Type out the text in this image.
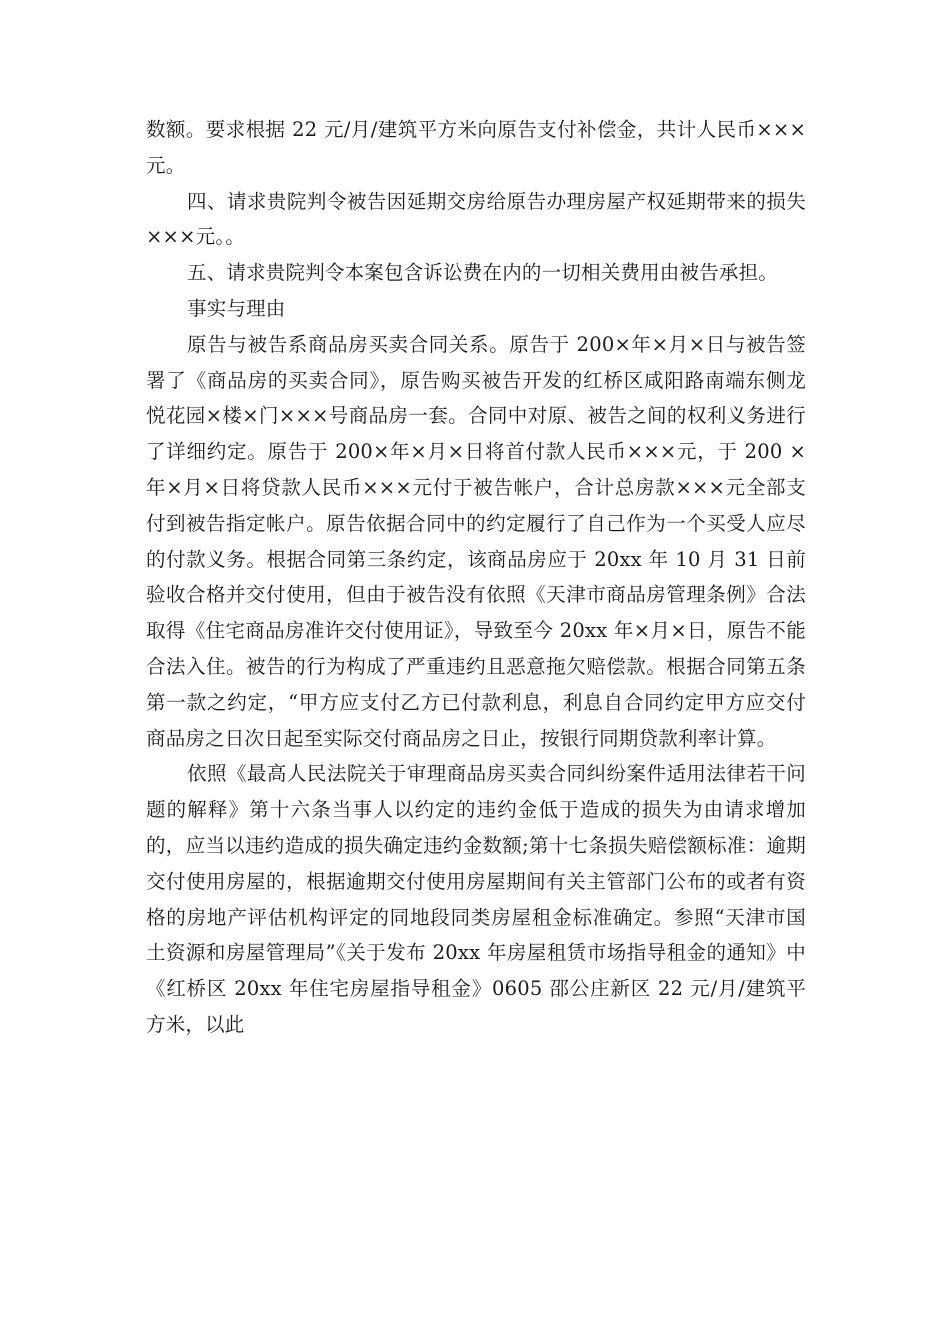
数额。要求根据 22 元/月/建筑平方米向原告支付补偿金，共计人民币×××元。

四、请求贵院判令被告因延期交房给原告办理房屋产权延期带来的损失×××元。。

五、请求贵院判令本案包含诉讼费在内的一切相关费用由被告承担。

事实与理由

原告与被告系商品房买卖合同关系。原告于 200×年×月×日与被告签署了《商品房的买卖合同》，原告购买被告开发的红桥区咸阳路南端东侧龙悦花园×楼×门×××号商品房一套。合同中对原、被告之间的权利义务进行了详细约定。原告于 200×年×月×日将首付款人民币×××元，于 200 ×年×月×日将贷款人民币×××元付于被告帐户，合计总房款×××元全部支付到被告指定帐户。原告依据合同中的约定履行了自己作为一个买受人应尽的付款义务。根据合同第三条约定，该商品房应于 20xx 年 10 月 31 日前验收合格并交付使用，但由于被告没有依照《天津市商品房管理条例》合法取得《住宅商品房准许交付使用证》，导致至今 20xx 年×月×日，原告不能合法入住。被告的行为构成了严重违约且恶意拖欠赔偿款。根据合同第五条第一款之约定，“甲方应支付乙方已付款利息，利息自合同约定甲方应交付商品房之日次日起至实际交付商品房之日止，按银行同期贷款利率计算。

依照《最高人民法院关于审理商品房买卖合同纠纷案件适用法律若干问题的解释》第十六条当事人以约定的违约金低于造成的损失为由请求增加的，应当以违约造成的损失确定违约金数额;第十七条损失赔偿额标准：逾期交付使用房屋的，根据逾期交付使用房屋期间有关主管部门公布的或者有资格的房地产评估机构评定的同地段同类房屋租金标准确定。参照“天津市国土资源和房屋管理局”《关于发布 20xx 年房屋租赁市场指导租金的通知》中《红桥区 20xx 年住宅房屋指导租金》0605 邵公庄新区 22 元/月/建筑平方米，以此
